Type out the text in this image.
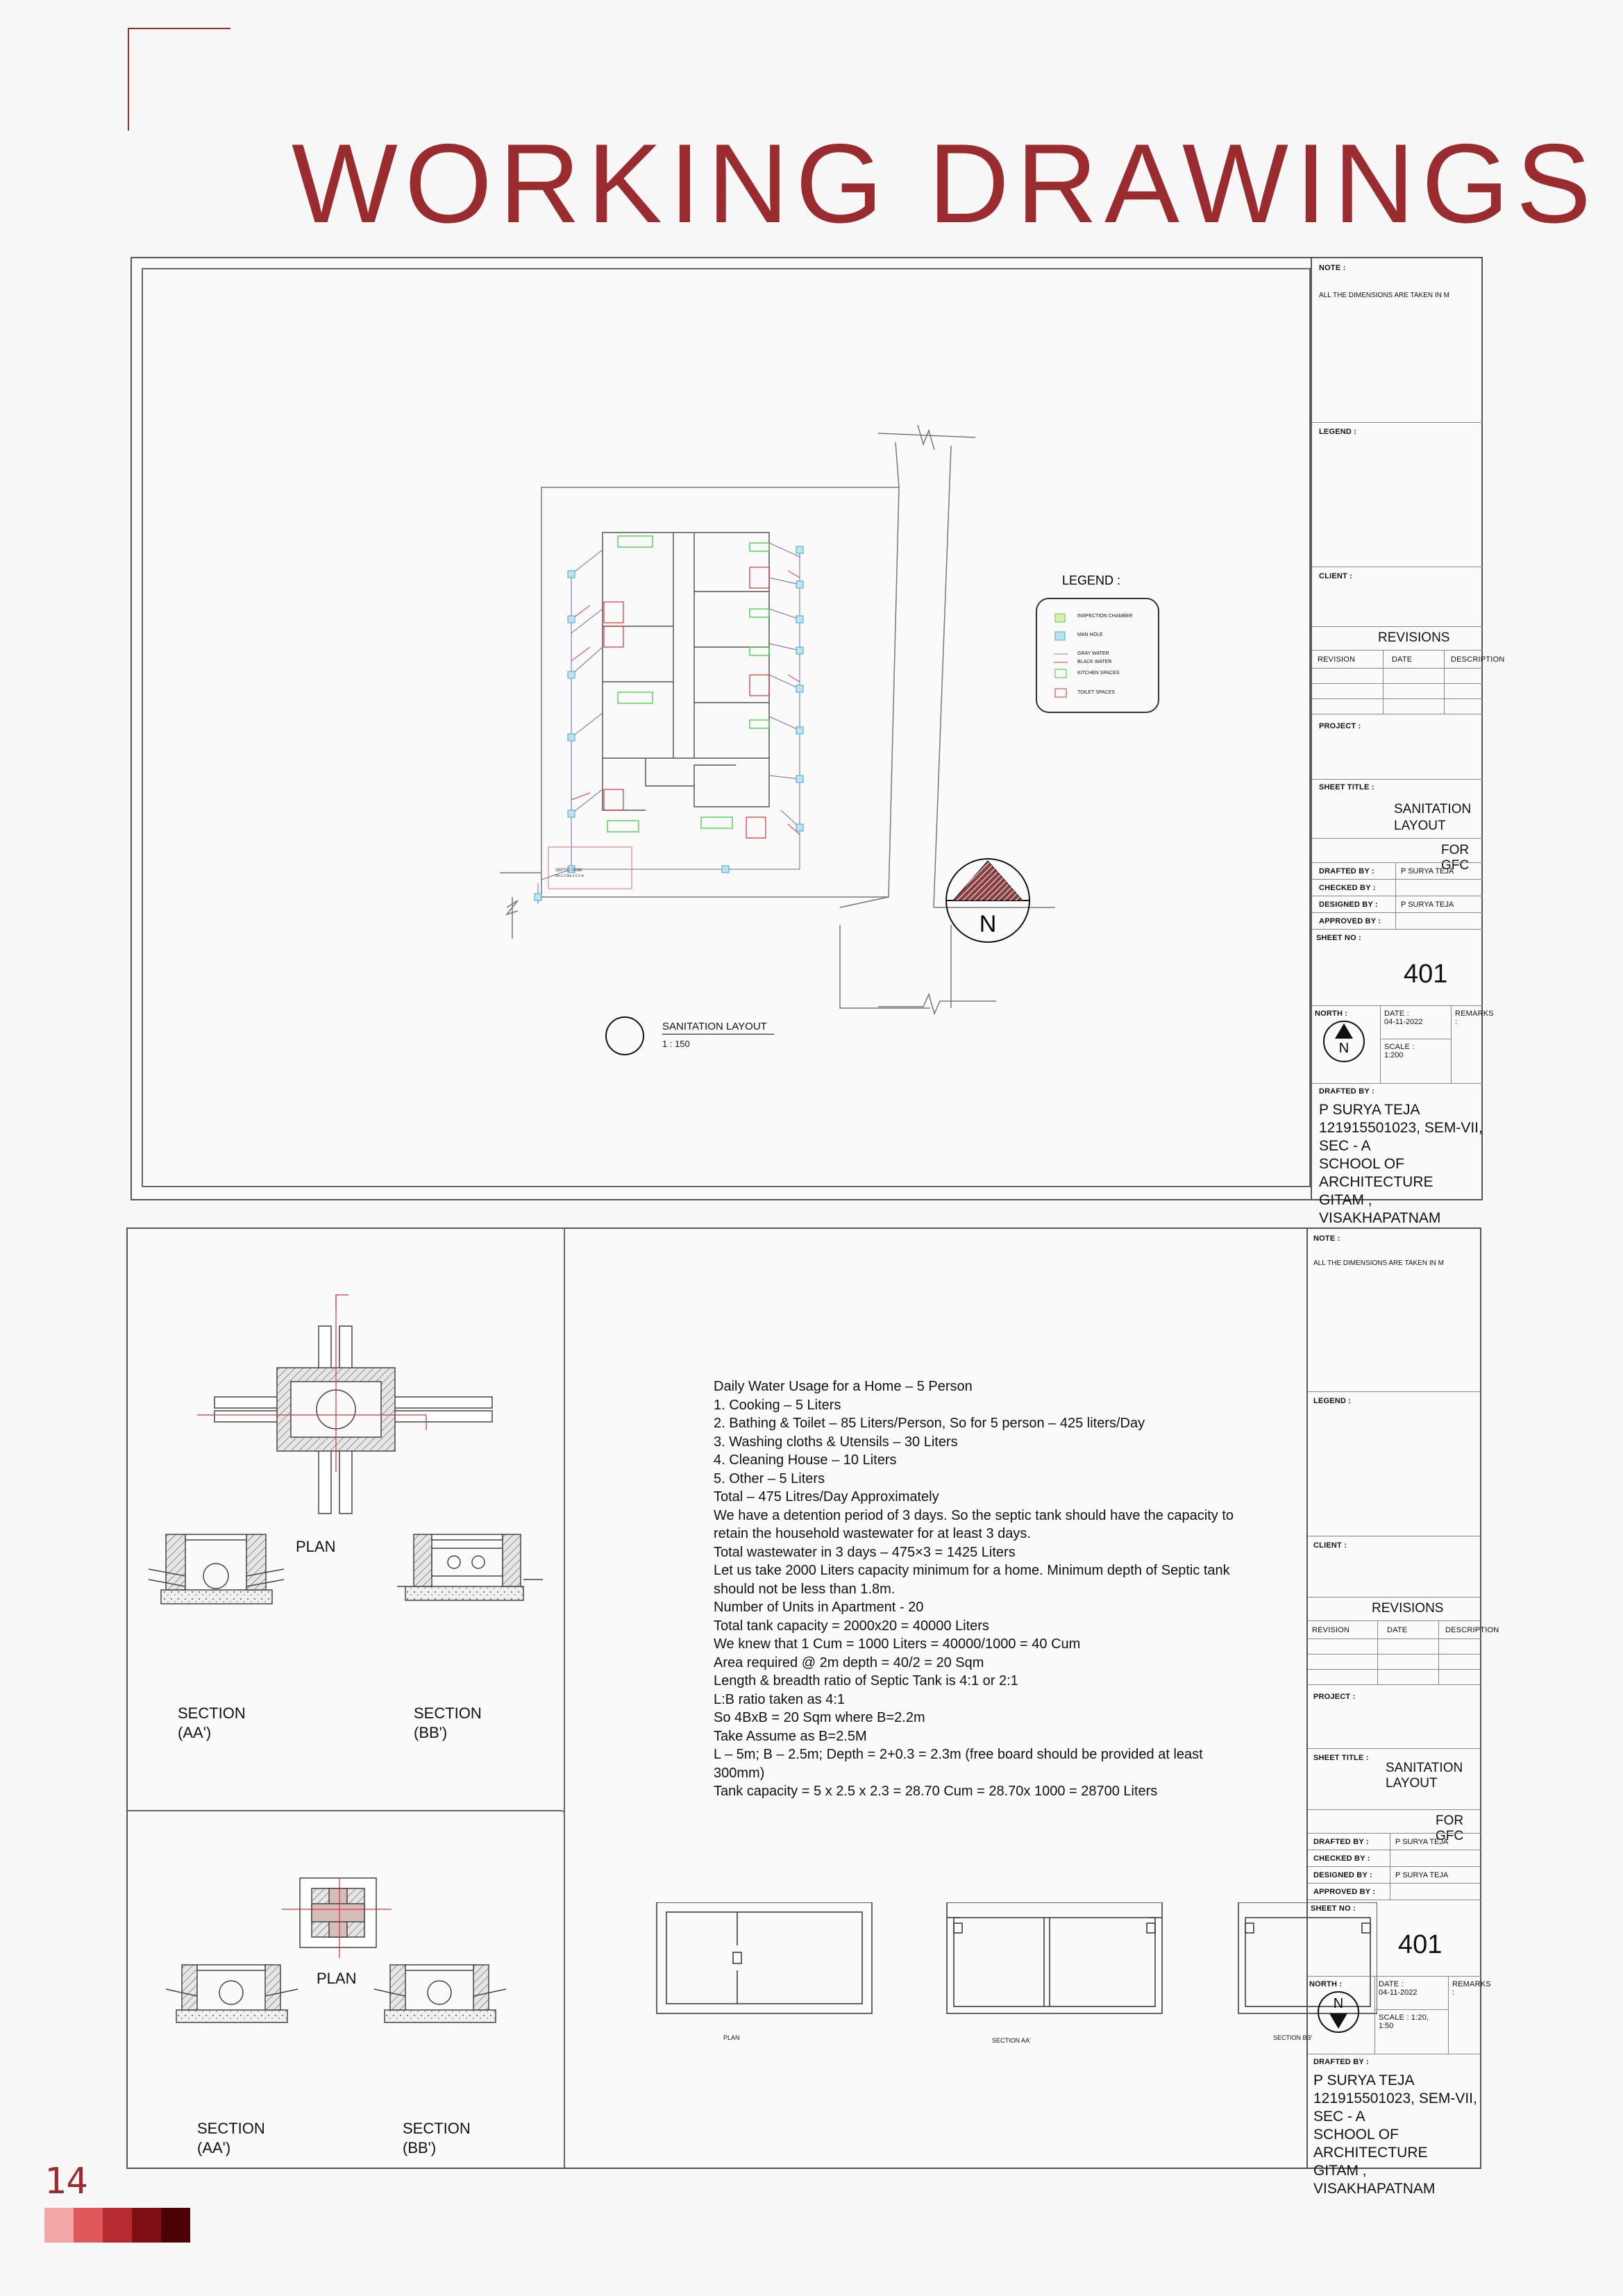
WORKING DRAWINGS
NOTE :
ALL THE DIMENSIONS ARE TAKEN IN M
LEGEND :
CLIENT :
REVISIONS
REVISION	DATE	DESCRIPTION
PROJECT :
SHEET TITLE :
SANITATION
LAYOUT
FOR GFC
DRAFTED BY :	P SURYA TEJA
CHECKED BY :
DESIGNED BY :	P SURYA TEJA
APPROVED BY :
SHEET NO :
401
NORTH :
N
DATE :
04-11-2022
SCALE :
1:200
REMARKS :
DRAFTED BY :
P SURYA TEJA
121915501023, SEM-VII, SEC - A
SCHOOL OF ARCHITECTURE
GITAM , VISAKHAPATNAM
SEPTIC TANK
5m x 2.5m x 2.3 m
N
LEGEND :
INSPECTION CHAMBER
MAN HOLE
GRAY WATER
BLACK WATER
KITCHEN SPACES
TOILET SPACES
SANITATION LAYOUT
1 : 150
PLAN
SECTION
(AA')
SECTION
(BB')
PLAN
SECTION
(AA')
SECTION
(BB')
Daily Water Usage for a Home – 5 Person
1. Cooking – 5 Liters
2. Bathing & Toilet – 85 Liters/Person, So for 5 person – 425 liters/Day
3. Washing cloths & Utensils – 30 Liters
4. Cleaning House – 10 Liters
5. Other – 5 Liters
Total – 475 Litres/Day Approximately
We have a detention period of 3 days. So the septic tank should have the capacity to retain the household wastewater for at least 3 days.
Total wastewater in 3 days – 475×3 = 1425 Liters
Let us take 2000 Liters capacity minimum for a home. Minimum depth of Septic tank should not be less than 1.8m.
Number of Units in Apartment - 20
Total tank capacity = 2000x20 = 40000 Liters
We knew that 1 Cum = 1000 Liters = 40000/1000 = 40 Cum
Area required @ 2m depth = 40/2 = 20 Sqm
Length & breadth ratio of Septic Tank is 4:1 or 2:1
L:B ratio taken as 4:1
So 4BxB = 20 Sqm where B=2.2m
Take Assume as B=2.5M
L – 5m; B – 2.5m; Depth = 2+0.3 = 2.3m (free board should be provided at least 300mm)
Tank capacity = 5 x 2.5 x 2.3 = 28.70 Cum = 28.70x 1000 = 28700 Liters
PLAN	SECTION AA'	SECTION BB'
NOTE :
ALL THE DIMENSIONS ARE TAKEN IN M
LEGEND :
CLIENT :
REVISIONS
REVISION	DATE	DESCRIPTION
PROJECT :
SHEET TITLE :
SANITATION LAYOUT
FOR GFC
DRAFTED BY :	P SURYA TEJA
CHECKED BY :
DESIGNED BY :	P SURYA TEJA
APPROVED BY :
SHEET NO :
401
NORTH :
N
DATE :
04-11-2022
SCALE : 1:20,
1:50
REMARKS :
DRAFTED BY :
P SURYA TEJA
121915501023, SEM-VII, SEC - A
SCHOOL OF ARCHITECTURE
GITAM , VISAKHAPATNAM
14
